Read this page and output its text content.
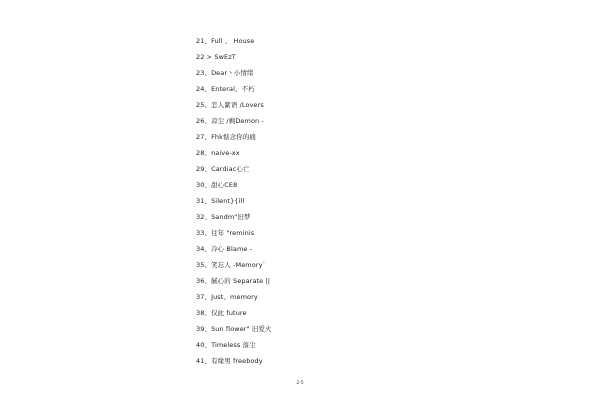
21、Full 、 House
22 > SwEzT
23、Dear丶小情绪
24、Enteral、不朽
25、恋人絮语 /Lovers
26、凉尘 /剩Demon -
27、Fhk惦念你的痛
28、naive-xx
29、Cardiac心亡
30、甜心CE8
31、Silent}{ill
32、Sandm"旧梦
33、往年 "reminis
34、冷心 Blame -
35、笑忘人 -Memory`
36、腻心的 Separate ||
37、Just、memory
38、仅此 future
39、Sun flower" 旧爱火
40、Timeless 落尘
41、有缘男 freebody
2-5
